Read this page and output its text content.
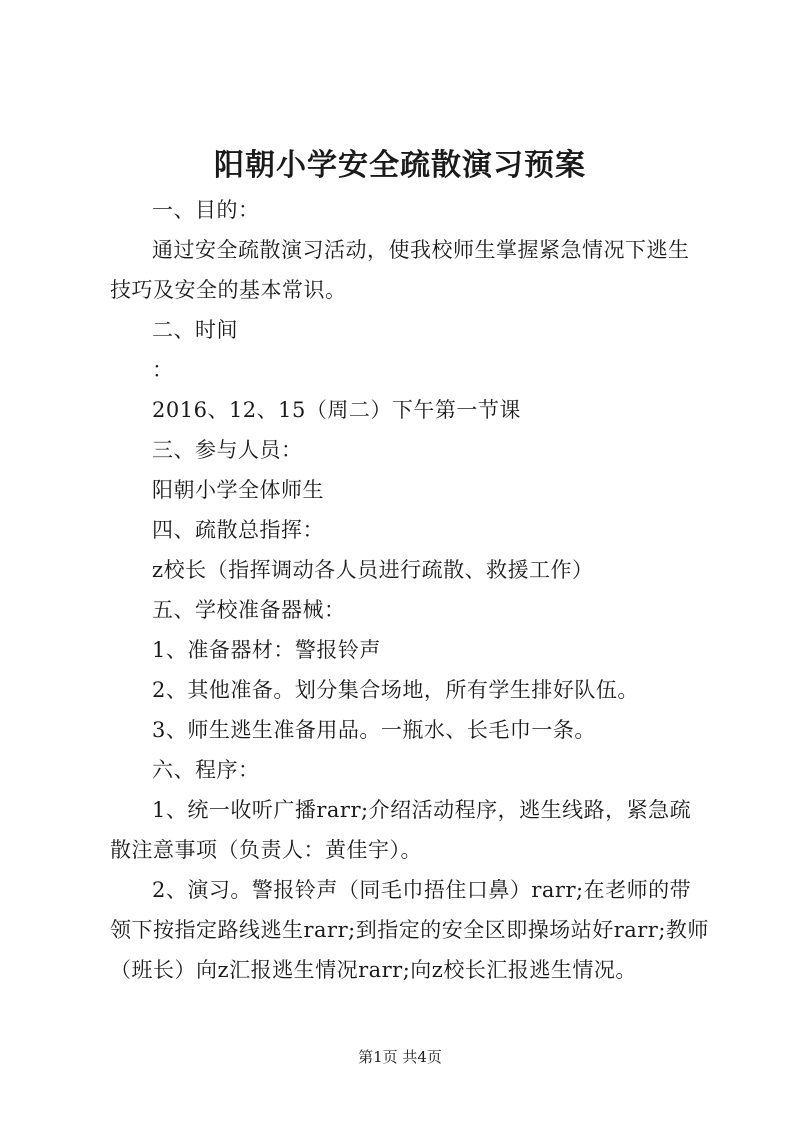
阳朝小学安全疏散演习预案
一、目的：
通过安全疏散演习活动，使我校师生掌握紧急情况下逃生技巧及安全的基本常识。
二、时间
：
2016、12、15（周二）下午第一节课
三、参与人员：
阳朝小学全体师生
四、疏散总指挥：
z校长（指挥调动各人员进行疏散、救援工作）
五、学校准备器械：
1、准备器材：警报铃声
2、其他准备。划分集合场地，所有学生排好队伍。
3、师生逃生准备用品。一瓶水、长毛巾一条。
六、程序：
1、统一收听广播rarr;介绍活动程序，逃生线路，紧急疏散注意事项（负责人：黄佳宇）。
2、演习。警报铃声（同毛巾捂住口鼻）rarr;在老师的带领下按指定路线逃生rarr;到指定的安全区即操场站好rarr;教师（班长）向z汇报逃生情况rarr;向z校长汇报逃生情况。
第1页 共4页
